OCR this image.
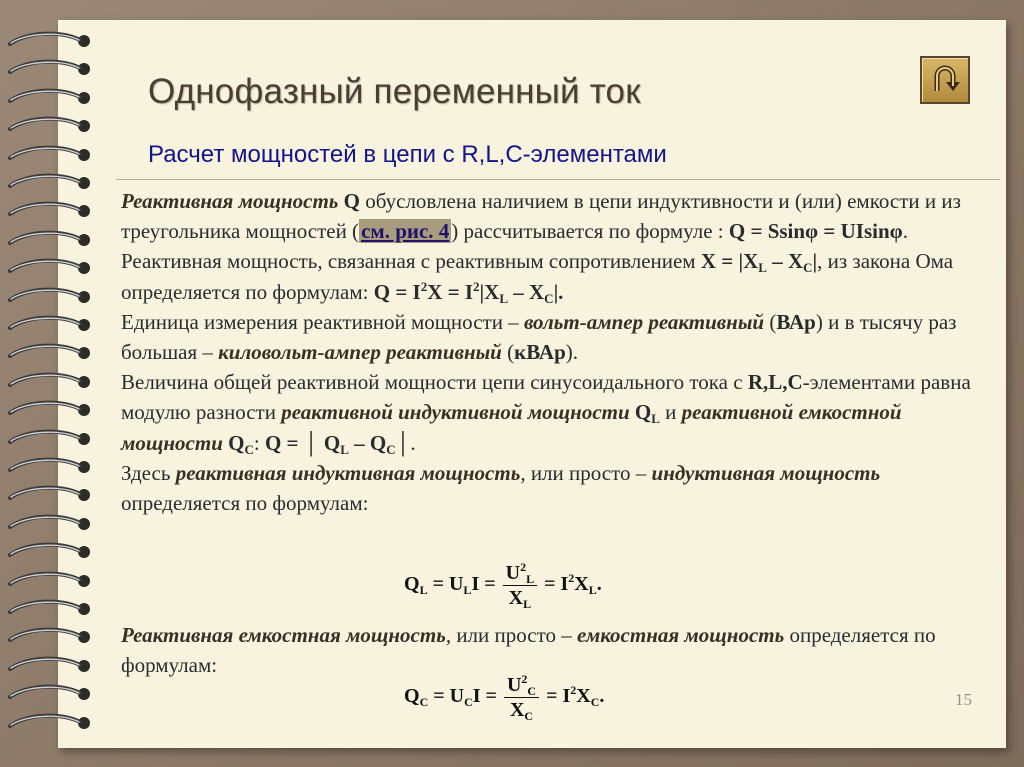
Однофазный переменный ток
Расчет мощностей в цепи с R,L,C-элементами

Реактивная мощность Q обусловлена наличием в цепи индуктивности и (или) емкости и из треугольника мощностей (см. рис. 4) рассчитывается по формуле : Q = Ssinφ = UIsinφ.

Реактивная мощность, связанная с реактивным сопротивлением $X = |X_L - X_C|$, из закона Ома определяется по формулам: $Q = I^2X = I^2|X_L - X_C|$.

Единица измерения реактивной мощности – вольт-ампер реактивный (ВАр) и в тысячу раз большая – киловольт-ампер реактивный (кВАр).

Величина общей реактивной мощности цепи синусоидального тока с R,L,C-элементами равна модулю разности реактивной индуктивной мощности $Q_L$ и реактивной емкостной мощности $Q_C$: Q = │ $Q_L$ – $Q_C│$.

Здесь реактивная индуктивная мощность, или просто – индуктивная мощность определяется по формулам:

$Q_L = U_LI = \frac{U^2_L}{X_L} = I^2X_L$.

Реактивная емкостная мощность, или просто – емкостная мощность определяется по формулам:

$Q_C = U_CI = \frac{U^2_C}{X_C} = I^2X_C$.	15
